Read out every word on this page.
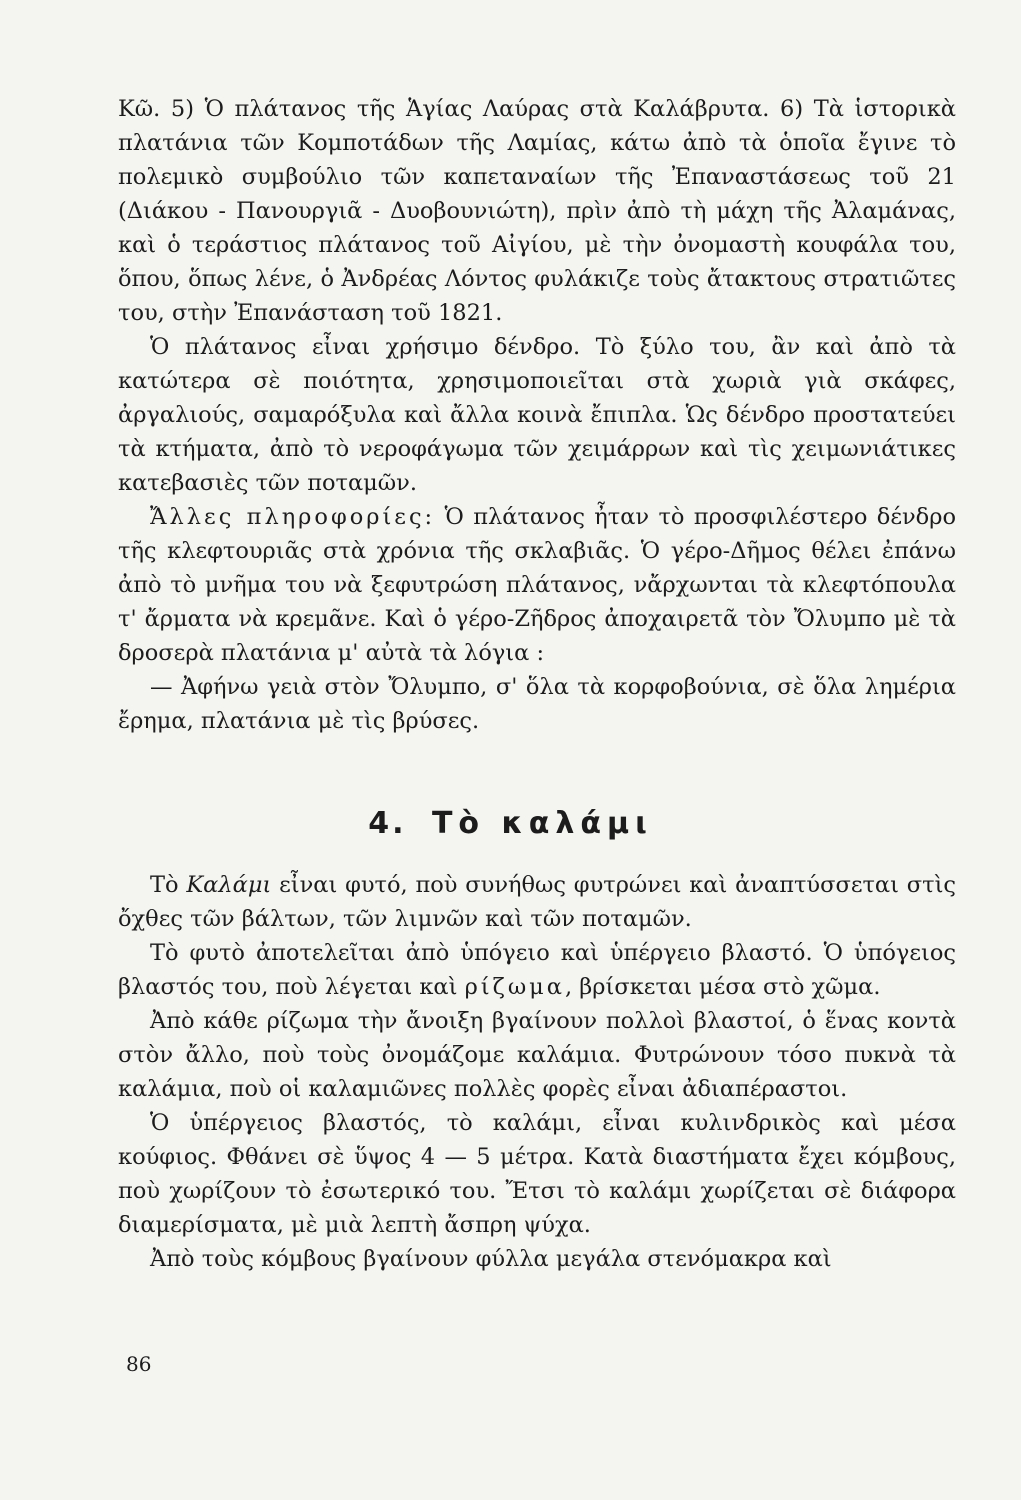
Κῶ. 5) Ὁ πλάτανος τῆς Ἁγίας Λαύρας στὰ Καλάβρυτα. 6) Τὰ ἱστορικὰ πλατάνια τῶν Κομποτάδων τῆς Λαμίας, κάτω ἀπὸ τὰ ὁποῖα ἔγινε τὸ πολεμικὸ συμβούλιο τῶν καπεταναίων τῆς Ἐπαναστάσεως τοῦ 21 (Διάκου - Πανουργιᾶ - Δυοβουνιώτη), πρὶν ἀπὸ τὴ μάχη τῆς Ἀλαμάνας, καὶ ὁ τεράστιος πλάτανος τοῦ Αἰγίου, μὲ τὴν ὀνομαστὴ κουφάλα του, ὅπου, ὅπως λένε, ὁ Ἀνδρέας Λόντος φυλάκιζε τοὺς ἄτακτους στρατιῶτες του, στὴν Ἐπανάσταση τοῦ 1821.

Ὁ πλάτανος εἶναι χρήσιμο δένδρο. Τὸ ξύλο του, ἂν καὶ ἀπὸ τὰ κατώτερα σὲ ποιότητα, χρησιμοποιεῖται στὰ χωριὰ γιὰ σκάφες, ἀργαλιούς, σαμαρόξυλα καὶ ἄλλα κοινὰ ἔπιπλα. Ὡς δένδρο προστατεύει τὰ κτήματα, ἀπὸ τὸ νεροφάγωμα τῶν χειμάρρων καὶ τὶς χειμωνιάτικες κατεβασιὲς τῶν ποταμῶν.

Ἄλλες πληροφορίες: Ὁ πλάτανος ἦταν τὸ προσφιλέστερο δένδρο τῆς κλεφτουριᾶς στὰ χρόνια τῆς σκλαβιᾶς. Ὁ γέρο-Δῆμος θέλει ἐπάνω ἀπὸ τὸ μνῆμα του νὰ ξεφυτρώση πλάτανος, νἄρχωνται τὰ κλεφτόπουλα τ' ἄρματα νὰ κρεμᾶνε. Καὶ ὁ γέρο-Ζῆδρος ἀποχαιρετᾶ τὸν Ὄλυμπο μὲ τὰ δροσερὰ πλατάνια μ' αὐτὰ τὰ λόγια :

— Ἀφήνω γειὰ στὸν Ὄλυμπο, σ' ὅλα τὰ κορφοβούνια, σὲ ὅλα λημέρια ἔρημα, πλατάνια μὲ τὶς βρύσες.

4. Τὸ καλάμι

Τὸ Καλάμι εἶναι φυτό, ποὺ συνήθως φυτρώνει καὶ ἀναπτύσσεται στὶς ὄχθες τῶν βάλτων, τῶν λιμνῶν καὶ τῶν ποταμῶν.

Τὸ φυτὸ ἀποτελεῖται ἀπὸ ὑπόγειο καὶ ὑπέργειο βλαστό. Ὁ ὑπόγειος βλαστός του, ποὺ λέγεται καὶ ρίζωμα, βρίσκεται μέσα στὸ χῶμα.

Ἀπὸ κάθε ρίζωμα τὴν ἄνοιξη βγαίνουν πολλοὶ βλαστοί, ὁ ἕνας κοντὰ στὸν ἄλλο, ποὺ τοὺς ὀνομάζομε καλάμια. Φυτρώνουν τόσο πυκνὰ τὰ καλάμια, ποὺ οἱ καλαμιῶνες πολλὲς φορὲς εἶναι ἀδιαπέραστοι.

Ὁ ὑπέργειος βλαστός, τὸ καλάμι, εἶναι κυλινδρικὸς καὶ μέσα κούφιος. Φθάνει σὲ ὕψος 4 — 5 μέτρα. Κατὰ διαστήματα ἔχει κόμβους, ποὺ χωρίζουν τὸ ἐσωτερικό του. Ἔτσι τὸ καλάμι χωρίζεται σὲ διάφορα διαμερίσματα, μὲ μιὰ λεπτὴ ἄσπρη ψύχα.

Ἀπὸ τοὺς κόμβους βγαίνουν φύλλα μεγάλα στενόμακρα καὶ

86
